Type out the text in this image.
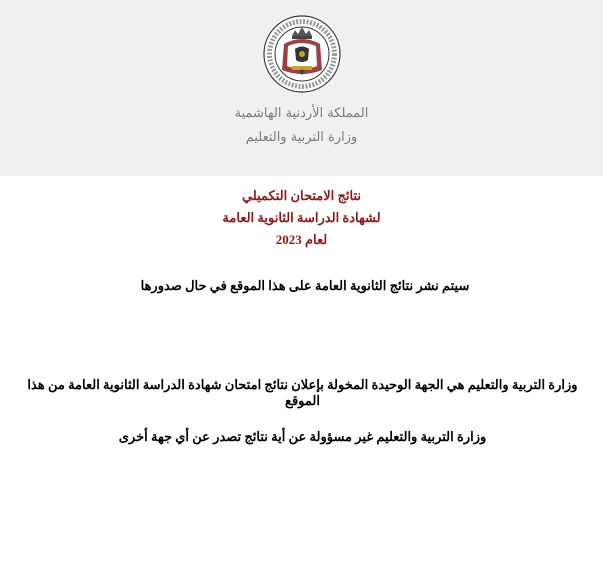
المملكة الأردنية الهاشمية
وزارة التربية والتعليم
نتائج الامتحان التكميلي
لشهادة الدراسة الثانوية العامة
لعام 2023
سيتم نشر نتائج الثانوية العامة على هذا الموقع في حال صدورها
وزارة التربية والتعليم هي الجهة الوحيدة المخولة بإعلان نتائج امتحان شهادة الدراسة الثانوية العامة من هذا الموقع
وزارة التربية والتعليم غير مسؤولة عن أية نتائج تصدر عن أي جهة أخرى
